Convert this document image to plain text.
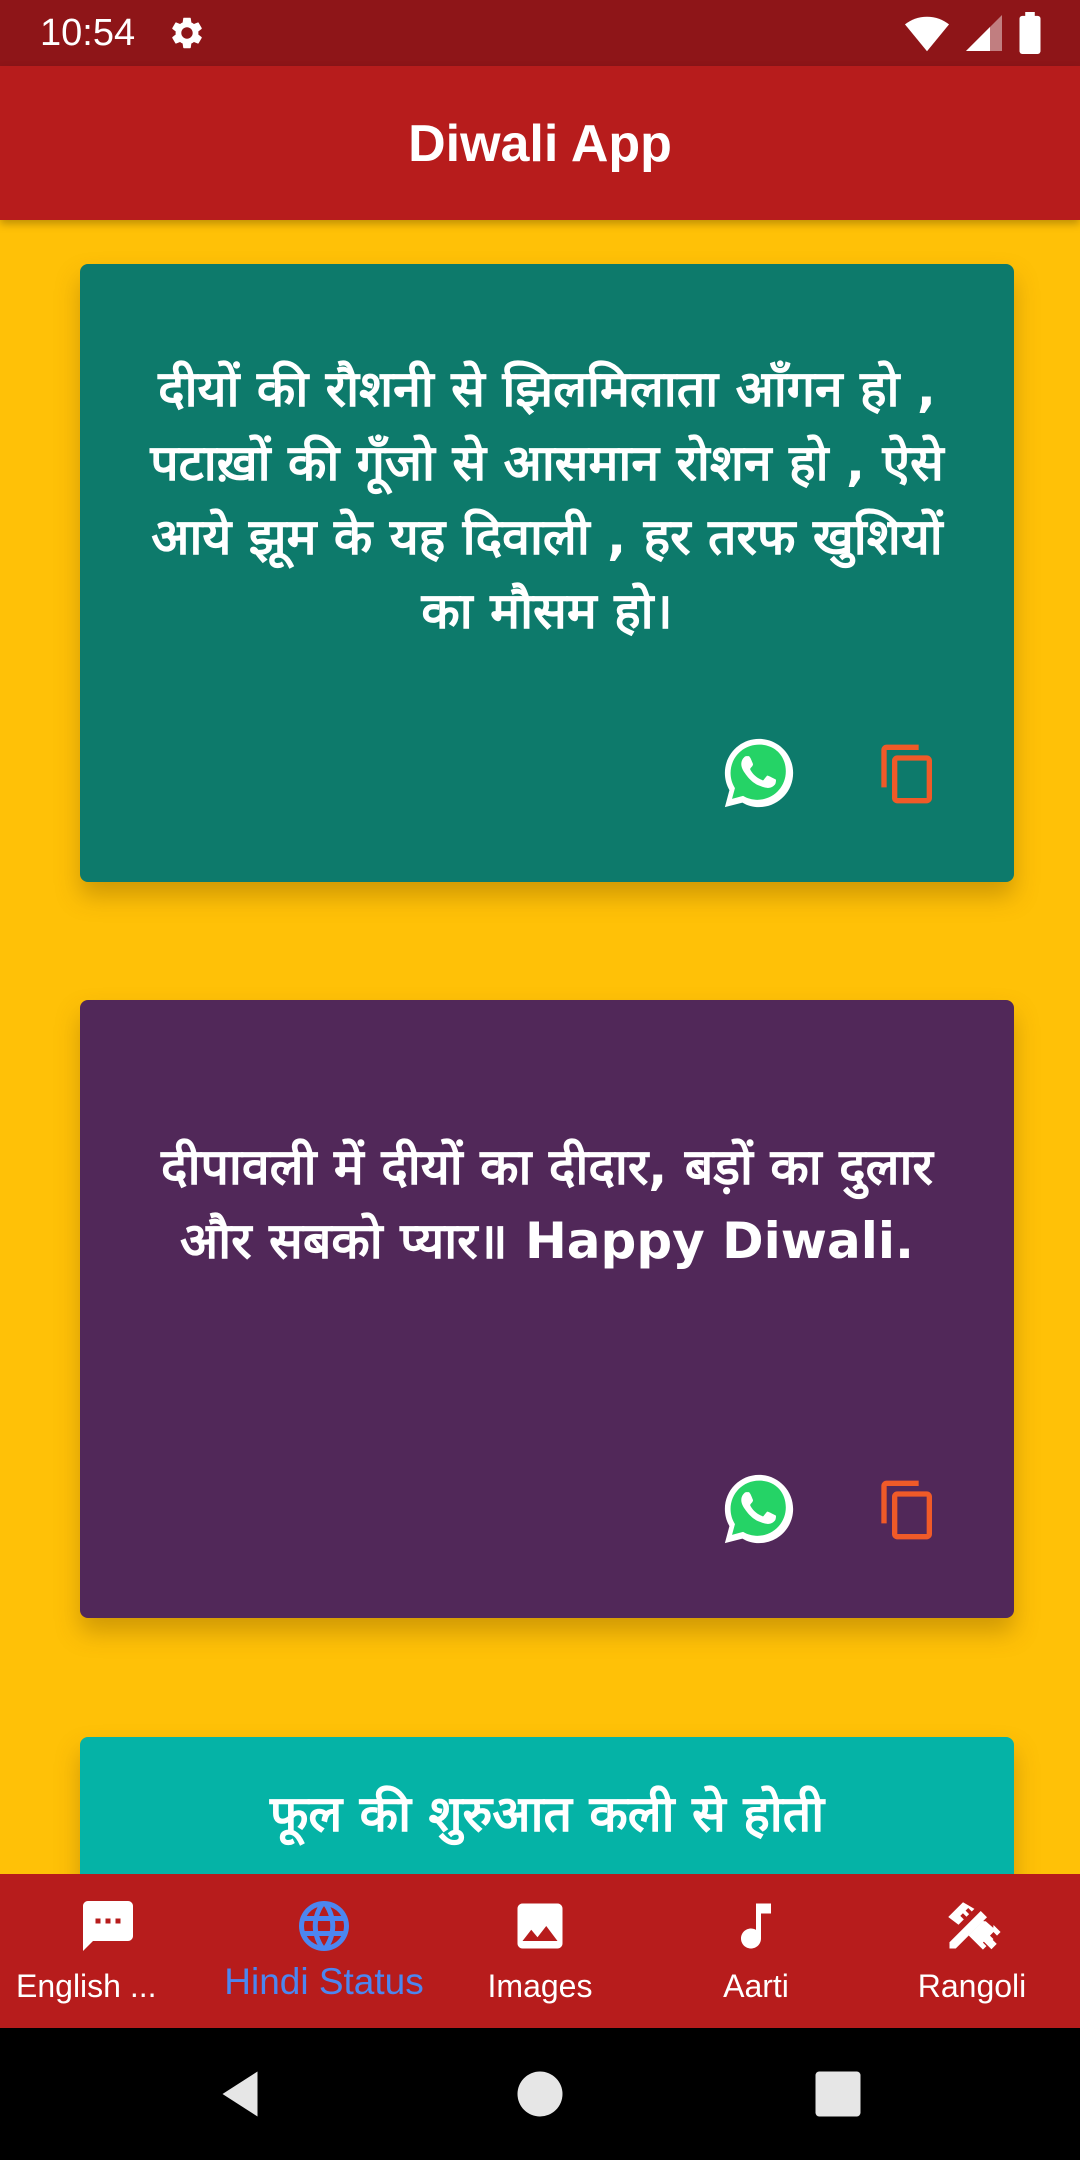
10:54
Diwali App
दीयों की रौशनी से झिलमिलाता आँगन हो , पटाख़ों की गूँजो से आसमान रोशन हो , ऐसे आये झूम के यह दिवाली , हर तरफ खुशियों का मौसम हो।
दीपावली में दीयों का दीदार, बड़ों का दुलार और सबको प्यार॥ Happy Diwali.
फूल की शुरुआत कली से होती
English ...	Hindi Status	Images	Aarti	Rangoli
